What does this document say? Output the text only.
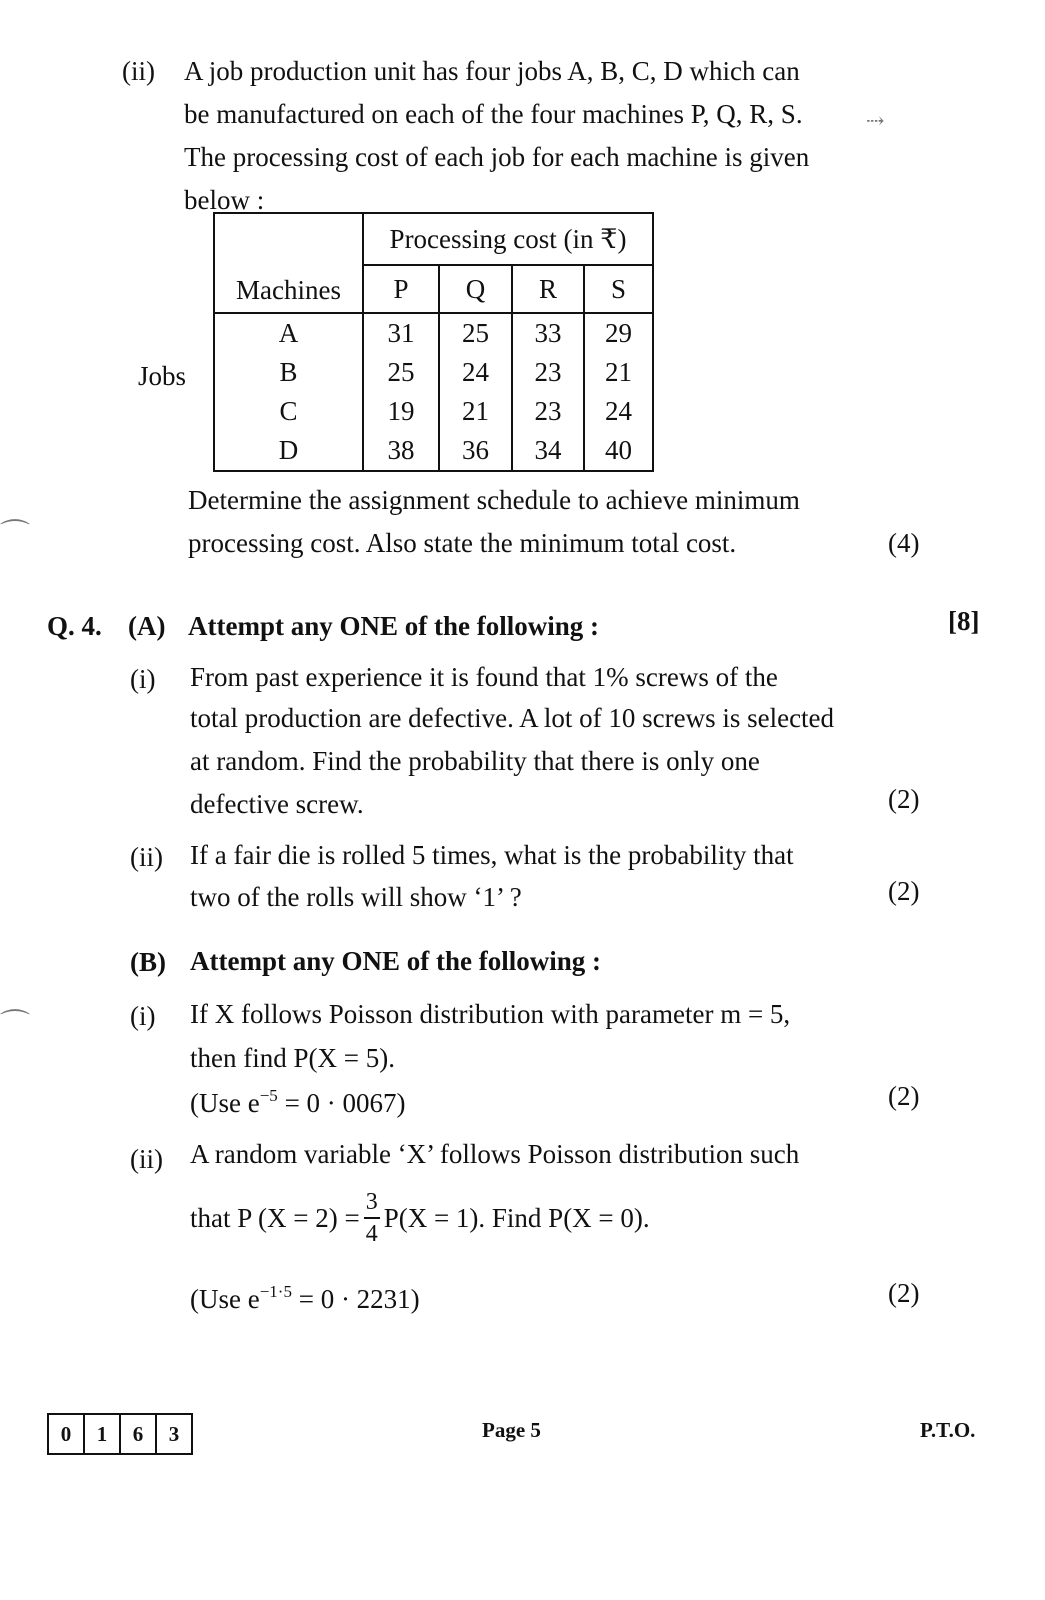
(ii) A job production unit has four jobs A, B, C, D which can
be manufactured on each of the four machines P, Q, R, S.	⇢
The processing cost of each job for each machine is given
below :
Jobs
Machines	Processing cost (in ₹)			
	P	Q	R	S
A	31	25	33	29
B	25	24	23	21
C	19	21	23	24
D	38	36	34	40
Determine the assignment schedule to achieve minimum
processing cost. Also state the minimum total cost.	(4)
Q. 4. (A) Attempt any ONE of the following :	[8]
(i) From past experience it is found that 1% screws of the
total production are defective. A lot of 10 screws is selected
at random. Find the probability that there is only one
defective screw.	(2)
(ii) If a fair die is rolled 5 times, what is the probability that
two of the rolls will show ‘1’ ?	(2)
(B) Attempt any ONE of the following :
(i) If X follows Poisson distribution with parameter m = 5,
then find P(X = 5).
(Use $e^{-5} = 0 \cdot 0067$)	(2)
(ii) A random variable ‘X’ follows Poisson distribution such
that P $(X = 2) = \frac{3}{4} P(X = 1)$. Find P(X = 0).
(Use $e^{-1\cdot 5} = 0 \cdot 2231$)	(2)
⌒
⌒
0	1	6	3	Page 5	P.T.O.
